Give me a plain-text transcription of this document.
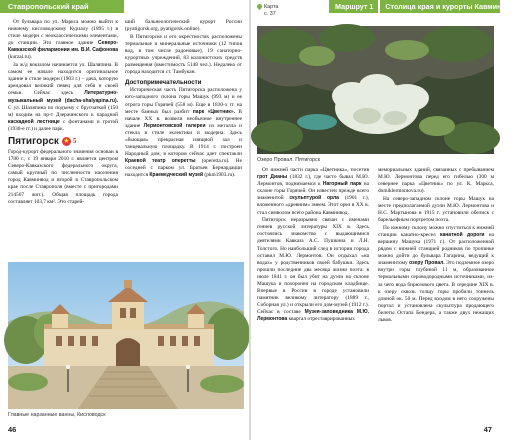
Ставропольский край

От бульвара по ул. Марксa можно выйти к нижнему кисловодскому Курзалу (1895 г.) в стиле модерн с неоклассическими элементами, до станции. Это главное здание Северо-Кавказской филармонии им. В.И. Сафонова (kurzal.ru).

За ж/д вокзалом начинается ул. Шаляпина. В самом ее начале находится оригинальное здание в стиле модерн (1903 г.) – дача, которую арендовал великий певец для себя и своей семьи. Сейчас здесь Литературно-музыкальный музей (dacha-shalyapina.ru). С ул. Шаляпина по подъему с брусчаткой (150 м) входим на пр-т Дзержинского к парадной каскадной лестнице с фонтанами и гротой (1930-е гг.) и далее парк.

Пятигорск
★ 5

Город-курорт федерального значения основан в 1780 г., с 19 января 2010 г. является центром Северо-Кавказского федерального округа, самый крупный по численности населения город Кавминвод и второй в Ставропольском крае после Ставрополя (вместе с пригородами 214567 жит.). Общая площадь города составляет 103,7 км². Это старей-

ший бальнеологический курорт России (pyatigorsk.org, pyatigorsk.online).

В Пятигорске и его окрестностях расположены термальные и минеральные источники (12 типов вод, в том числе радоновые), 19 санаторно-курортных учреждений, 83 колонистских средств размещения (вместимость 5148 чел.). Недалеко от города находится ст. Тамбукан.

Достопримечательности

Историческая часть Пятигорска расположена у юго-западного склона горы Машук (993 м) и ее отрога горы Горячей (558 м). Еще в 1830-х гг. на месте банных был разбит парк «Цветник». В начале XX в. возвели необычное внутреннее здание Лермонтовской галереи из металла и стекла в стиле эклектики и модерна. Здесь «бьющая» прекрасная изящной зал и танцевальную площадку. В 1914 г. построен Народный дом, в котором сейчас дает спектакли Краевой театр оперетты (operetta.ru). Не соседней с парком ул. Братьев Бернардацци находится Краеведческий музей (pkm1903.ru).

Главные нарзанные ванны, Кисловодск
46
Карта
с. 37
Маршрут 1 Столица края и курорты Кавминвод
Озеро Провал. Пятигорск

От нижней части парка «Цветника», посетив грот Дианы (1832 г.), где часто бывал М.Ю. Лермонтов, поднимаемся к Нагорный парк на склоне горы Горячей. Он известен прежде всего знаменитой скульптурой орла (1901 г.), вложенного «древним» змеем. Этот орел в XX в. стал символом всего района Кавминвод.

Пятигорск неразрывно связан с именами гениев русской литературы XIX в. Здесь состоялись знакомство с выдающимися деятелями Кавказа А.С. Пушкина и Л.Н. Толстого. Но наибольший след в истории города оставил М.Ю. Лермонтов. Он отдыхал «на водах» у родственников своей бабушки. Здесь прошли последние два месяца жизни поэта: в июле 1841 г. он был убит на дуэли на склоне Машука и похоронен на городском кладбище. Впервые в России в городе установили памятник великому литератору (1889 г., Соборная ул.) и открыли его дом-музей (1912 г.). Сейчас в составе Музея-заповедника М.Ю. Лермонтова квартал отреставрированных

мемориальных зданий, связанных с пребыванием М.Ю. Лермонтова перед его гибелью (300 м севернее парка «Цветник» по ул. К. Маркса, domiklermontova.ru).

На северо-западном склоне горы Машук на месте предполагаемой дуэли М.Ю. Лермонтова и Н.С. Мартынова в 1915 г. установили обелиск с барельефным портретом поэта.

По южному склону можно спуститься к нижней станции канатно-кресел канатной дороги на вершину Машука (1971 г.). От расположенной рядом с нижней станцией родников по тропинке можно дойти до бульвара Гагарина, ведущий к знаменитому озеру Провал. Это подземное озеро внутри горы глубиной 11 м, образованное термальными сероводородными источниками, из-за чего вода бирюзового цвета. В середине XIX в. к озеру сквозь толщу горы пробили тоннель длиной ок. 50 м. Перед входом в него сооружены портал и установлена скульптура продающего билеты Остапа Бендера, а также двух нежащих львов.

47
